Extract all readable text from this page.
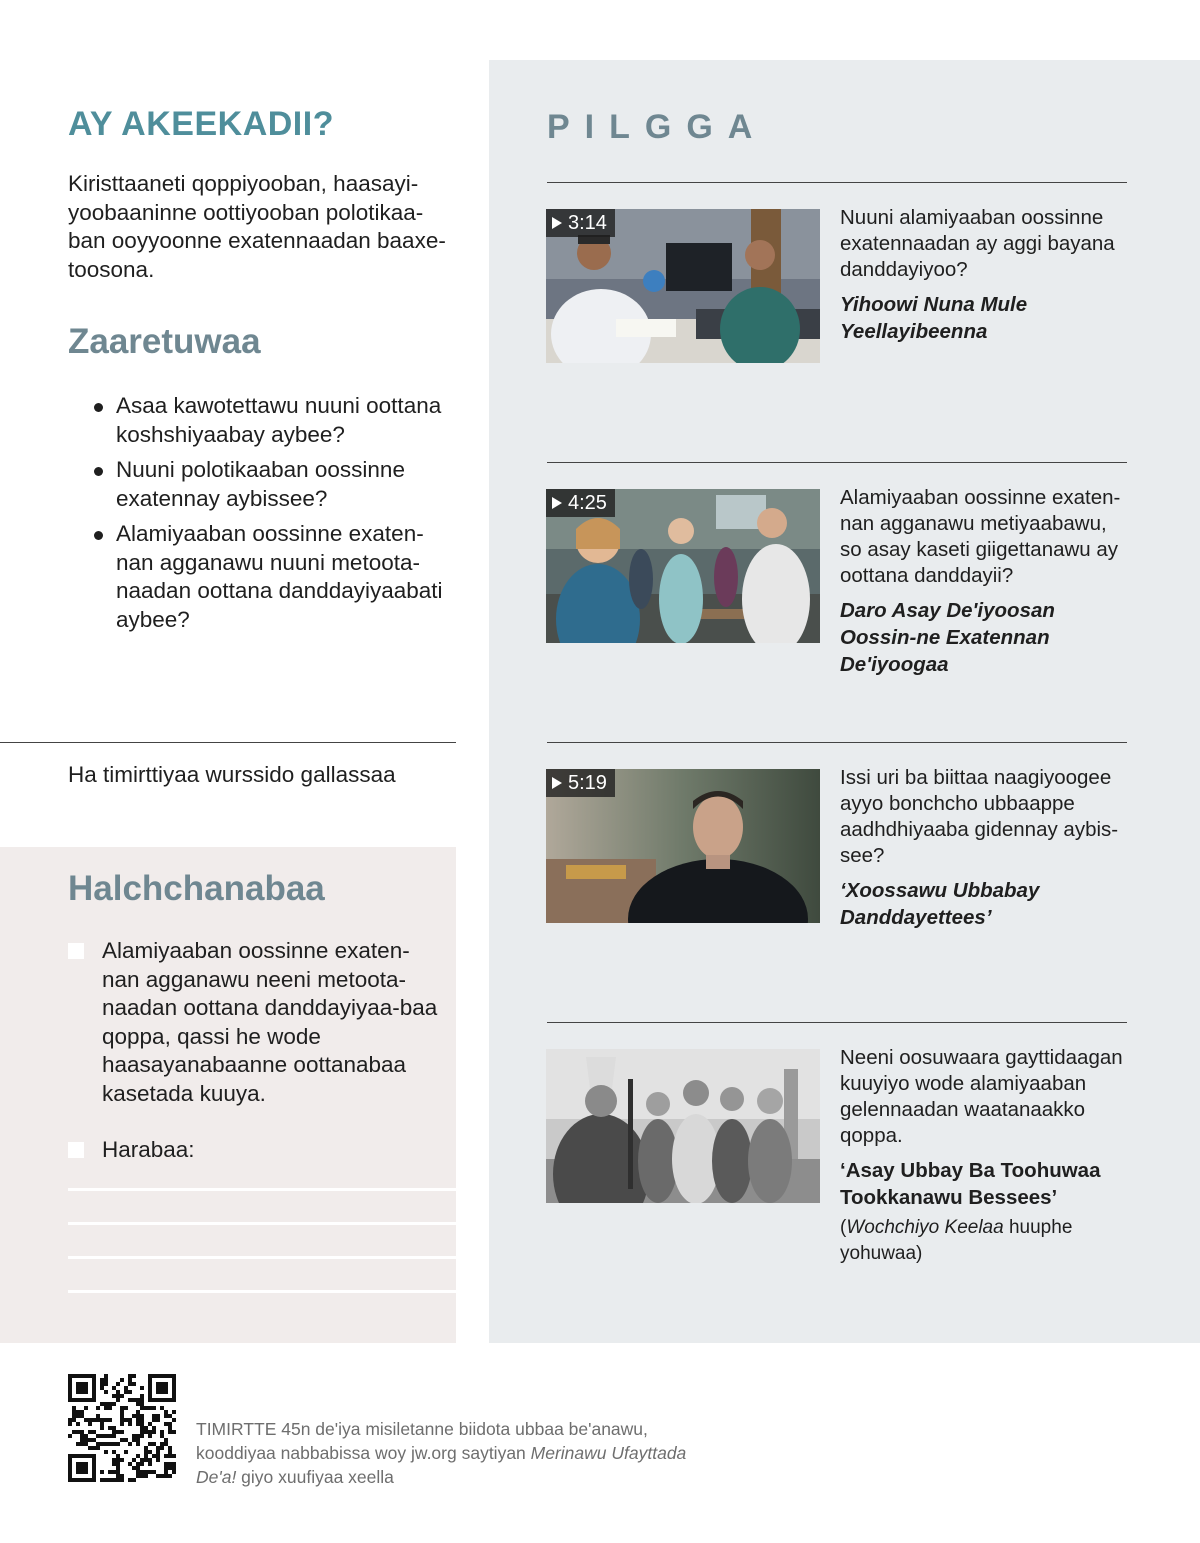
AY AKEEKADII?

Kiristtaaneti qoppiyooban, haasayi-yoobaaninne oottiyooban polotikaa-ban ooyyoonne exatennaadan baaxe-toosona.

Zaaretuwaa
Asaa kawotettawu nuuni oottana koshshiyaabay aybee?
Nuuni polotikaaban oossinne exatennay aybissee?
Alamiyaaban oossinne exaten-nan agganawu nuuni metoota-naadan oottana danddayiyaabati aybee?

Ha timirttiyaa wurssido gallassaa

Halchchanabaa
Alamiyaaban oossinne exaten-nan agganawu neeni metoota-naadan oottana danddayiyaa-baa qoppa, qassi he wode haasayanabaanne oottanabaa kasetada kuuya.
Harabaa:
PILGGA
3:14	Nuuni alamiyaaban oossinne exatennaadan ay aggi bayana danddayiyoo?

Yihoowi Nuna Mule Yeellayibeenna

4:25	Alamiyaaban oossinne exaten-nan agganawu metiyaabawu, so asay kaseti giigettanawu ay oottana danddayii?

Daro Asay De'iyoosan Oossin-ne Exatennan De'iyoogaa

5:19	Issi uri ba biittaa naagiyoogee ayyo bonchcho ubbaappe aadhdhiyaaba gidennay aybis-see?

‘Xoossawu Ubbabay Danddayettees’

Neeni oosuwaara gayttidaagan kuuyiyo wode alamiyaaban gelennaadan waatanaakko qoppa.

‘Asay Ubbay Ba Toohuwaa Tookkanawu Bessees’

(Wochchiyo Keelaa huuphe yohuwaa)

TIMIRTTE 45n de'iya misiletanne biidota ubbaa be'anawu, kooddiyaa nabbabissa woy jw.org saytiyan Merinawu Ufayttada De'a! giyo xuufiyaa xeella
